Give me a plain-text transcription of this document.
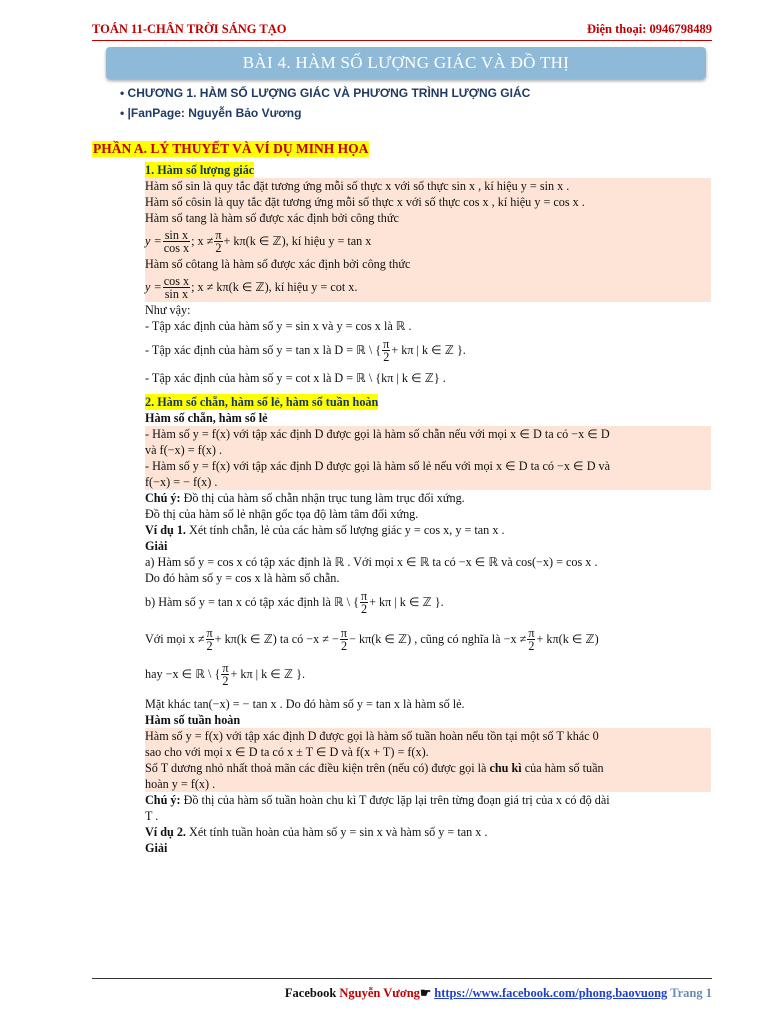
TOÁN 11-CHÂN TRỜI SÁNG TẠO	Điện thoại: 0946798489
BÀI 4. HÀM SỐ LƯỢNG GIÁC VÀ ĐỒ THỊ
• CHƯƠNG 1. HÀM SỐ LƯỢNG GIÁC VÀ PHƯƠNG TRÌNH LƯỢNG GIÁC
• |FanPage: Nguyễn Bảo Vương
PHẦN A. LÝ THUYẾT VÀ VÍ DỤ MINH HỌA
1. Hàm số lượng giác
Hàm số sin là quy tắc đặt tương ứng mỗi số thực x với số thực sin x , kí hiệu y = sin x .
Hàm số côsin là quy tắc đặt tương ứng mỗi số thực x với số thực cos x , kí hiệu y = cos x .
Hàm số tang là hàm số được xác định bởi công thức
$y = \frac{\text{sin x}}{\text{cos x}}$ ; $x \ne \frac{\pi}{2} + k\pi(k$ ∈ ℤ), kí hiệu y = tan x
Hàm số côtang là hàm số được xác định bởi công thức
$y = \frac{\text{cos x}}{\text{sin x}}$ ; x ≠ kπ(k ∈ ℤ), kí hiệu y = cot x.
Như vậy:
- Tập xác định của hàm số y = sin x và y = cos x là ℝ .
- Tập xác định của hàm số y = tan x là D = ℝ \ { $\frac{\pi}{2} + k\pi$ | k ∈ ℤ }.
- Tập xác định của hàm số y = cot x là D = ℝ \ {kπ | k ∈ ℤ} .
2. Hàm số chẵn, hàm số lẻ, hàm số tuần hoàn
Hàm số chẵn, hàm số lẻ
- Hàm số y = f(x) với tập xác định D được gọi là hàm số chẵn nếu với mọi x ∈ D ta có −x ∈ D
và f(−x) = f(x) .
- Hàm số y = f(x) với tập xác định D được gọi là hàm số lẻ nếu với mọi x ∈ D ta có −x ∈ D và
f(−x) = − f(x) .
Chú ý: Đồ thị của hàm số chẵn nhận trục tung làm trục đối xứng.
Đồ thị của hàm số lẻ nhận gốc tọa độ làm tâm đối xứng.
Ví dụ 1. Xét tính chẵn, lẻ của các hàm số lượng giác y = cos x, y = tan x .
Giải
a) Hàm số y = cos x có tập xác định là ℝ . Với mọi x ∈ ℝ ta có −x ∈ ℝ và cos(−x) = cos x .
Do đó hàm số y = cos x là hàm số chẵn.
b) Hàm số y = tan x có tập xác định là ℝ \ { $\frac{\pi}{2} + k\pi$ | k ∈ ℤ }.
Với mọi $x \ne \frac{\pi}{2} + k\pi(k$ ∈ ℤ) ta có −x ≠ − $\frac{\pi}{2} - k\pi(k$ ∈ ℤ) , cũng có nghĩa là $-x \ne \frac{\pi}{2} + k\pi(k$ ∈ ℤ)
hay −x ∈ ℝ \ { $\frac{\pi}{2} + k\pi$ | k ∈ ℤ }.
Mặt khác tan(−x) = − tan x . Do đó hàm số y = tan x là hàm số lẻ.
Hàm số tuần hoàn
Hàm số y = f(x) với tập xác định D được gọi là hàm số tuần hoàn nếu tồn tại một số T khác 0
sao cho với mọi x ∈ D ta có x ± T ∈ D và f(x + T) = f(x).
Số T dương nhỏ nhất thoả mãn các điều kiện trên (nếu có) được gọi là chu kì của hàm số tuần
hoàn y = f(x) .
Chú ý: Đồ thị của hàm số tuần hoàn chu kì T được lặp lại trên từng đoạn giá trị của x có độ dài
T .
Ví dụ 2. Xét tính tuần hoàn của hàm số y = sin x và hàm số y = tan x .
Giải
Facebook Nguyễn Vương☛ https://www.facebook.com/phong.baovuong Trang 1
